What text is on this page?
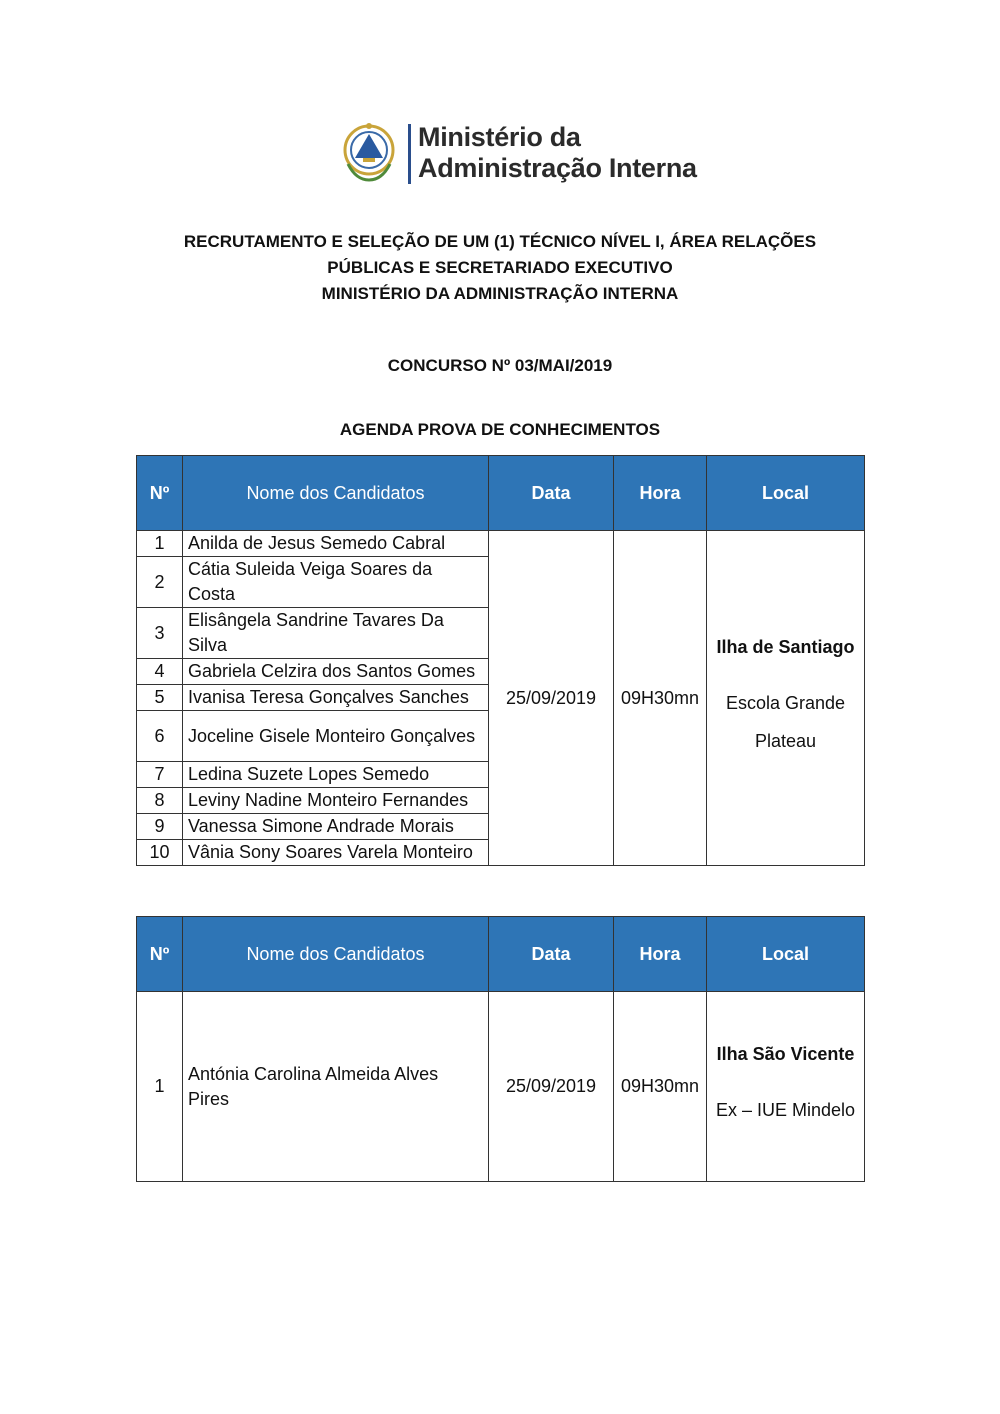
Ministério da
Administração Interna
RECRUTAMENTO E SELEÇÃO DE UM (1) TÉCNICO NÍVEL I, ÁREA RELAÇÕES
PÚBLICAS E SECRETARIADO EXECUTIVO
MINISTÉRIO DA ADMINISTRAÇÃO INTERNA
CONCURSO Nº 03/MAI/2019
AGENDA PROVA DE CONHECIMENTOS
Nº	Nome dos Candidatos	Data	Hora	Local
1	Anilda de Jesus Semedo Cabral	25/09/2019	09H30mn	Ilha de Santiago
Escola Grande Plateau

2	Cátia Suleida Veiga Soares da Costa			
3	Elisângela Sandrine Tavares Da Silva			
4	Gabriela Celzira dos Santos Gomes			
5	Ivanisa Teresa Gonçalves Sanches			
6	Joceline Gisele Monteiro Gonçalves			
7	Ledina Suzete Lopes Semedo			
8	Leviny Nadine Monteiro Fernandes			
9	Vanessa Simone Andrade Morais			
10	Vânia Sony Soares Varela Monteiro			
Nº	Nome dos Candidatos	Data	Hora	Local
1	Antónia Carolina Almeida Alves Pires	25/09/2019	09H30mn	Ilha São Vicente
Ex – IUE Mindelo
